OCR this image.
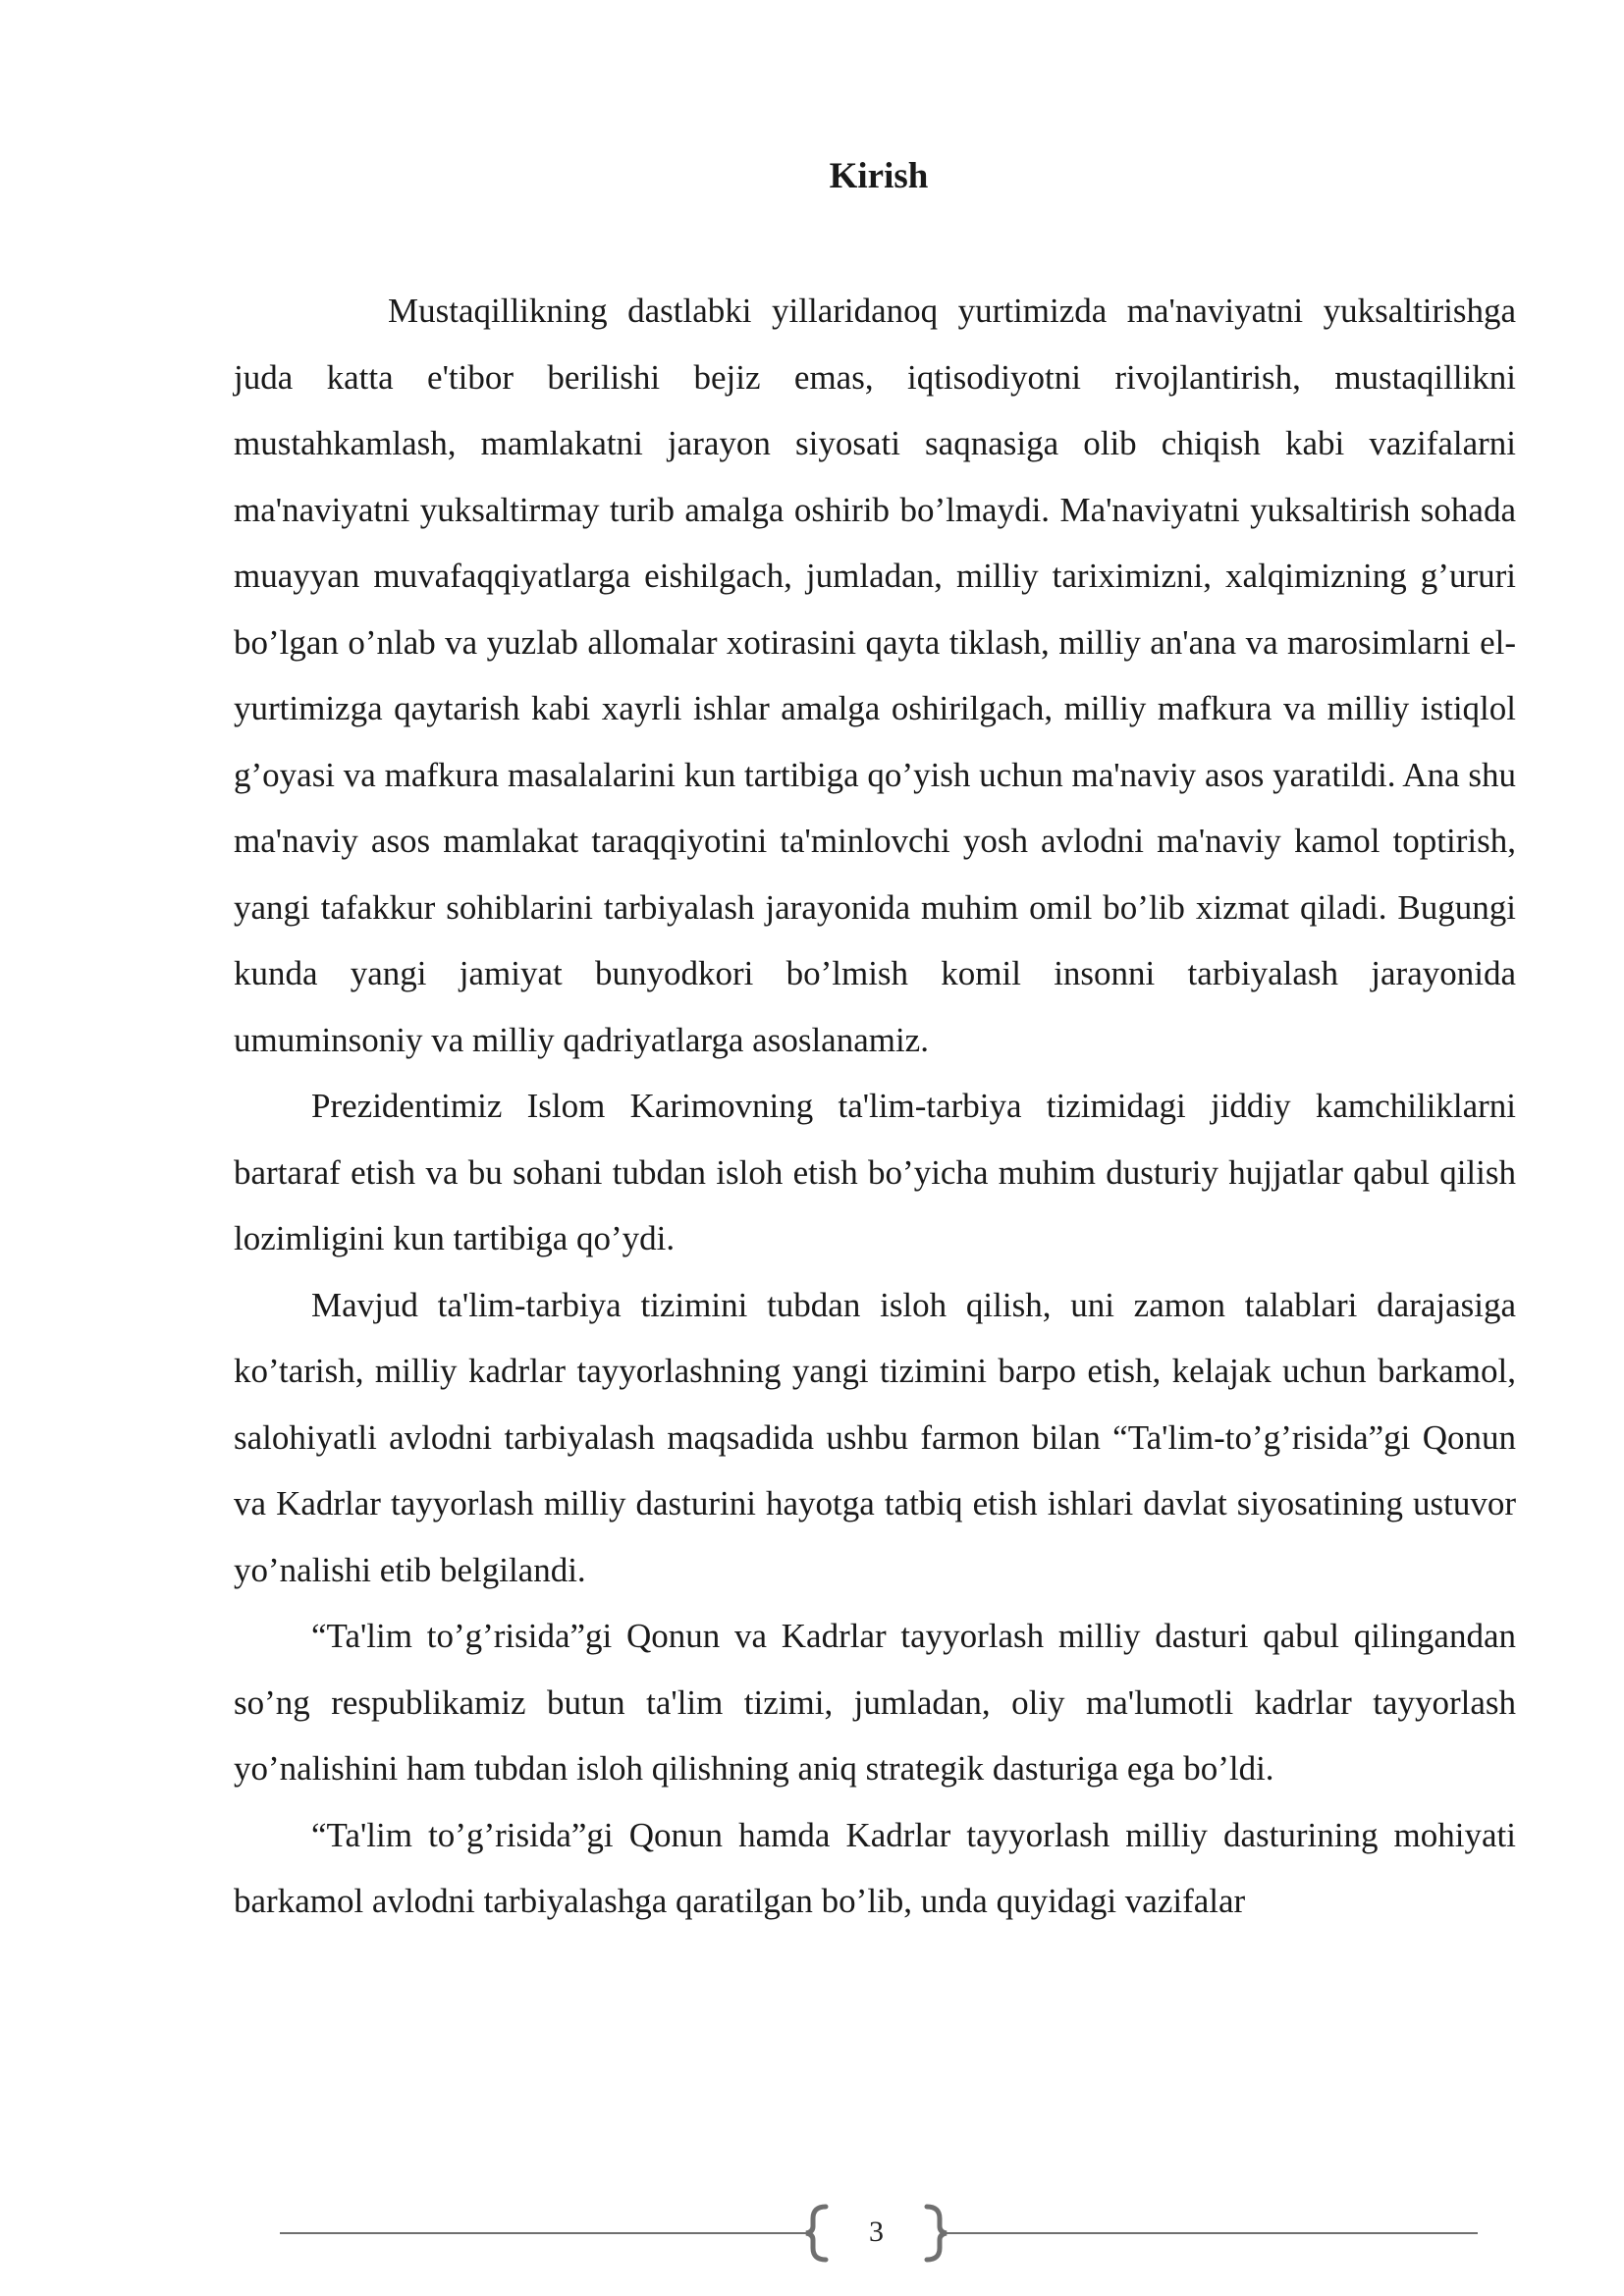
Kirish

Mustaqillikning dastlabki yillaridanoq yurtimizda ma'naviyatni yuksaltirishga juda katta e'tibor berilishi bejiz emas, iqtisodiyotni rivojlantirish, mustaqillikni mustahkamlash, mamlakatni jarayon siyosati saqnasiga olib chiqish kabi vazifalarni ma'naviyatni yuksaltirmay turib amalga oshirib bo’lmaydi. Ma'naviyatni yuksaltirish sohada muayyan muvafaqqiyatlarga eishilgach, jumladan, milliy tariximizni, xalqimizning g’ururi bo’lgan o’nlab va yuzlab allomalar xotirasini qayta tiklash, milliy an'ana va marosimlarni el-yurtimizga qaytarish kabi xayrli ishlar amalga oshirilgach, milliy mafkura va milliy istiqlol g’oyasi va mafkura masalalarini kun tartibiga qo’yish uchun ma'naviy asos yaratildi. Ana shu ma'naviy asos mamlakat taraqqiyotini ta'minlovchi yosh avlodni ma'naviy kamol toptirish, yangi tafakkur sohiblarini tarbiyalash jarayonida muhim omil bo’lib xizmat qiladi. Bugungi kunda yangi jamiyat bunyodkori bo’lmish komil insonni tarbiyalash jarayonida umuminsoniy va milliy qadriyatlarga asoslanamiz.

Prezidentimiz Islom Karimovning ta'lim-tarbiya tizimidagi jiddiy kamchiliklarni bartaraf etish va bu sohani tubdan isloh etish bo’yicha muhim dusturiy hujjatlar qabul qilish lozimligini kun tartibiga qo’ydi.

Mavjud ta'lim-tarbiya tizimini tubdan isloh qilish, uni zamon talablari darajasiga ko’tarish, milliy kadrlar tayyorlashning yangi tizimini barpo etish, kelajak uchun barkamol, salohiyatli avlodni tarbiyalash maqsadida ushbu farmon bilan “Ta'lim-to’g’risida”gi Qonun va Kadrlar tayyorlash milliy dasturini hayotga tatbiq etish ishlari davlat siyosatining ustuvor yo’nalishi etib belgilandi.

“Ta'lim to’g’risida”gi Qonun va Kadrlar tayyorlash milliy dasturi qabul qilingandan so’ng respublikamiz butun ta'lim tizimi, jumladan, oliy ma'lumotli kadrlar tayyorlash yo’nalishini ham tubdan isloh qilishning aniq strategik dasturiga ega bo’ldi.

“Ta'lim to’g’risida”gi Qonun hamda Kadrlar tayyorlash milliy dasturining mohiyati barkamol avlodni tarbiyalashga qaratilgan bo’lib, unda quyidagi vazifalar

3
